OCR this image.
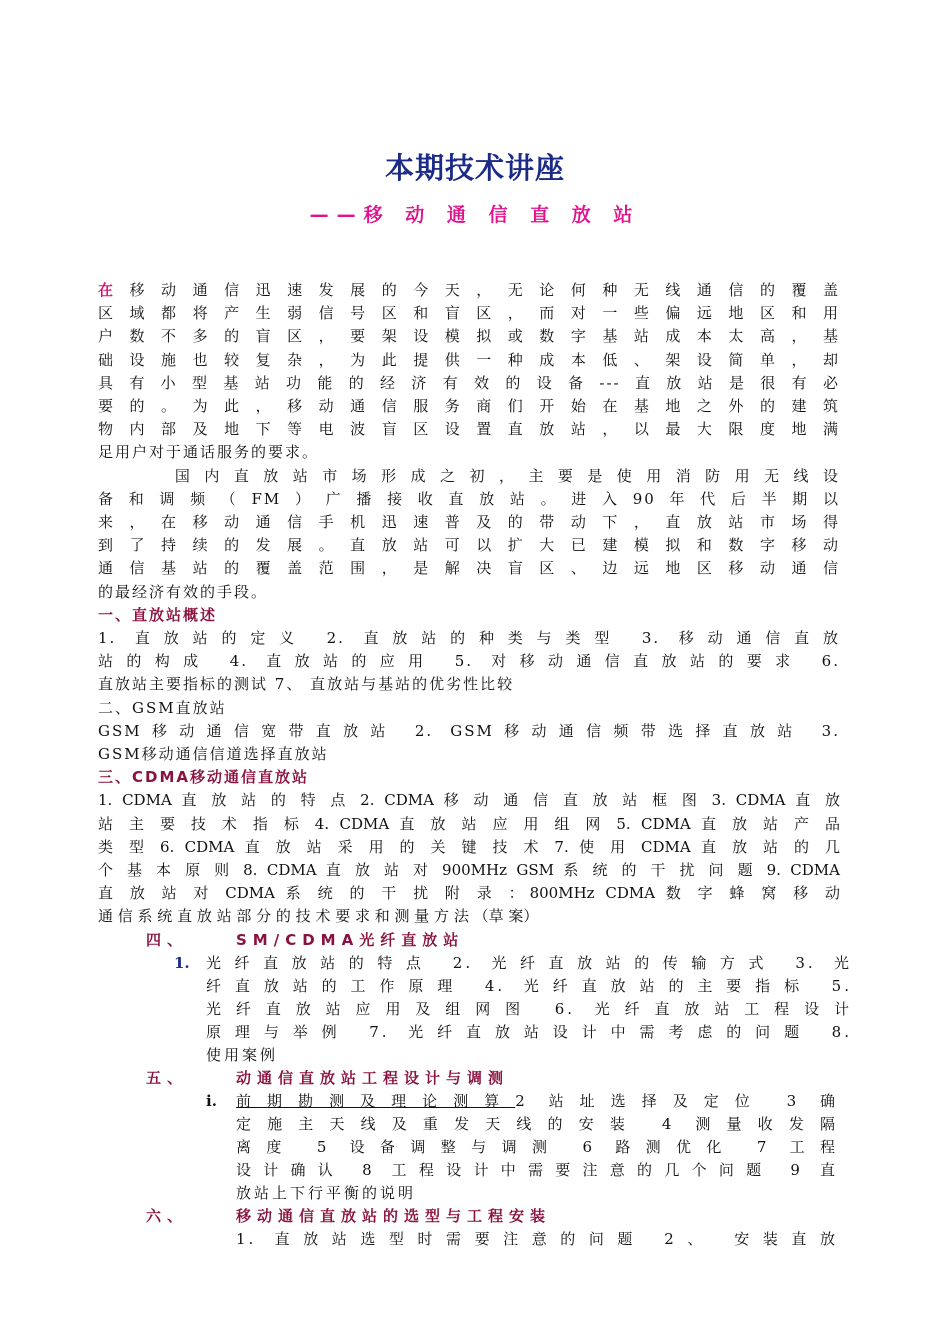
本期技术讲座
——移 动 通 信 直 放 站

在移动通信迅速发展的今天，无论何种无线通信的覆盖

区域都将产生弱信号区和盲区，而对一些偏远地区和用

户数不多的盲区，要架设模拟或数字基站成本太高，基

础设施也较复杂，为此提供一种成本低、架设简单，却

具有小型基站功能的经济有效的设备---直放站是很有必

要的。为此，移动通信服务商们开始在基地之外的建筑

物内部及地下等电波盲区设置直放站，以最大限度地满

足用户对于通话服务的要求。

国内直放站市场形成之初，主要是使用消防用无线设

备和调频（FM）广播接收直放站。进入90年代后半期以

来，在移动通信手机迅速普及的带动下，直放站市场得

到了持续的发展。直放站可以扩大已建模拟和数字移动

通信基站的覆盖范围，是解决盲区、边远地区移动通信

的最经济有效的手段。

一、直放站概述

1. 直放站的定义 2. 直放站的种类与类型 3. 移动通信直放

站的构成 4. 直放站的应用 5. 对移动通信直放站的要求 6.

直放站主要指标的测试 7、 直放站与基站的优劣性比较

二、GSM直放站

GSM移动通信宽带直放站 2. GSM移动通信频带选择直放站 3.

GSM移动通信信道选择直放站

三、CDMA移动通信直放站

1. CDMA 直 放 站 的 特 点 2. CDMA 移 动 通 信 直 放 站 框 图 3. CDMA 直 放

站 主 要 技 术 指 标 4. CDMA 直 放 站 应 用 组 网 5. CDMA 直 放 站 产 品

类 型 6. CDMA 直 放 站 采 用 的 关 键 技 术 7. 使 用 CDMA 直 放 站 的 几

个 基 本 原 则 8. CDMA 直 放 站 对 900MHz GSM 系 统 的 干 扰 问 题 9. CDMA

直 放 站 对 CDMA 系 统 的 干 扰 附 录 ：800MHz CDMA 数 字 蜂 窝 移 动

通 信 系 统 直 放 站 部 分 的 技 术 要 求 和 测 量 方 法 （草 案）

四、	SM/CDMA光纤直放站
1. 光纤直放站的特点 2. 光纤直放站的传输方式 3. 光

纤直放站的工作原理 4. 光纤直放站的主要指标 5.

光纤直放站应用及组网图 6. 光纤直放站工程设计

原理与举例 7. 光纤直放站设计中需考虑的问题 8.

使用案例

五、	动通信直放站工程设计与调测
i. 前期勘测及理论测算2 站址选择及定位 3 确

定施主天线及重发天线的安装 4 测量收发隔

离度 5 设备调整与调测 6 路测优化 7 工程

设计确认 8 工程设计中需要注意的几个问题 9 直

放站上下行平衡的说明

六、	移动通信直放站的选型与工程安装

1. 直放站选型时需要注意的问题 2、 安装直放
